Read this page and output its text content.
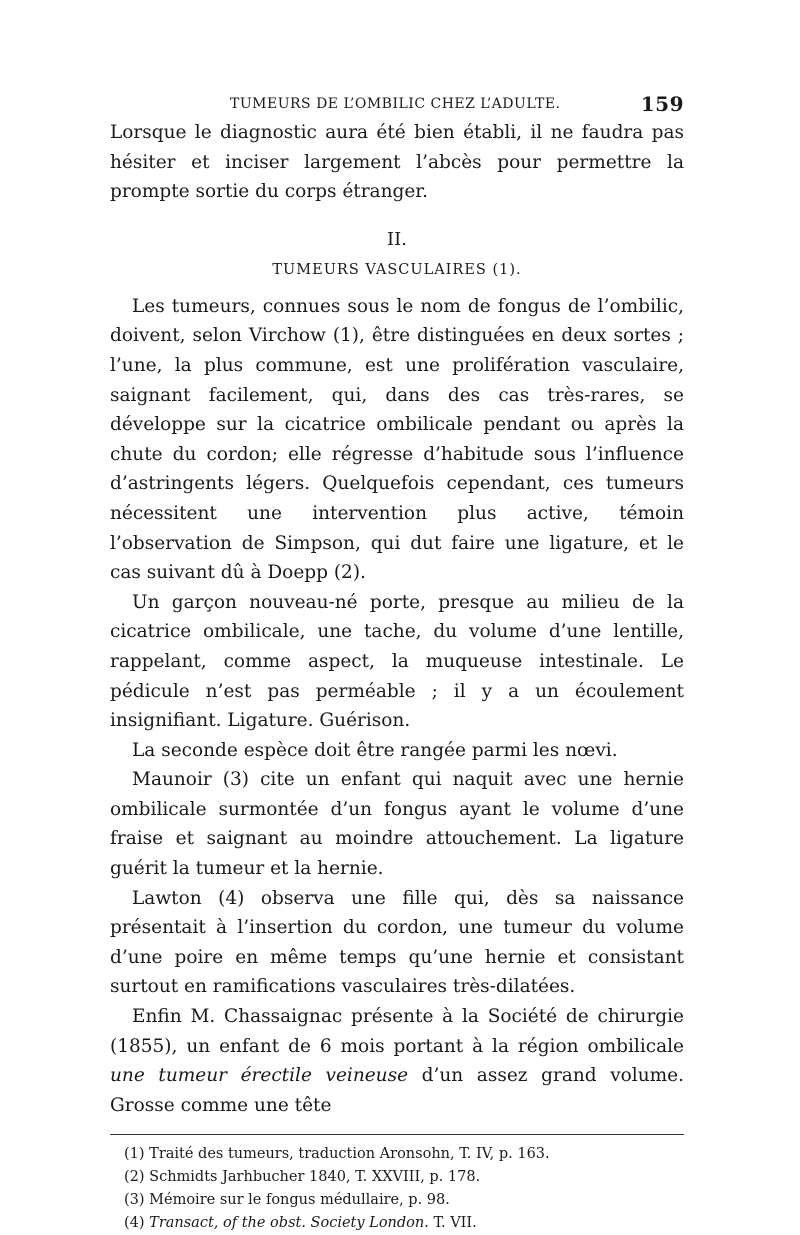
TUMEURS DE L’OMBILIC CHEZ L’ADULTE.	159

Lorsque le diagnostic aura été bien établi, il ne faudra pas hésiter et inciser largement l’abcès pour permettre la prompte sortie du corps étranger.

II.
TUMEURS VASCULAIRES (1).

Les tumeurs, connues sous le nom de fongus de l’ombilic, doivent, selon Virchow (1), être distinguées en deux sortes ; l’une, la plus commune, est une prolifération vasculaire, saignant facilement, qui, dans des cas très-rares, se développe sur la cicatrice ombilicale pendant ou après la chute du cordon; elle régresse d’habitude sous l’influence d’astringents légers. Quelquefois cependant, ces tumeurs nécessitent une intervention plus active, témoin l’observation de Simpson, qui dut faire une ligature, et le cas suivant dû à Doepp (2).

Un garçon nouveau-né porte, presque au milieu de la cicatrice ombilicale, une tache, du volume d’une lentille, rappelant, comme aspect, la muqueuse intestinale. Le pédicule n’est pas perméable ; il y a un écoulement insignifiant. Ligature. Guérison.

La seconde espèce doit être rangée parmi les nœvi.

Maunoir (3) cite un enfant qui naquit avec une hernie ombilicale surmontée d’un fongus ayant le volume d’une fraise et saignant au moindre attouchement. La ligature guérit la tumeur et la hernie.

Lawton (4) observa une fille qui, dès sa naissance présentait à l’insertion du cordon, une tumeur du volume d’une poire en même temps qu’une hernie et consistant surtout en ramifications vasculaires très-dilatées.

Enfin M. Chassaignac présente à la Société de chirurgie (1855), un enfant de 6 mois portant à la région ombilicale une tumeur érectile veineuse d’un assez grand volume. Grosse comme une tête

(1) Traité des tumeurs, traduction Aronsohn, T. IV, p. 163.

(2) Schmidts Jarhbucher 1840, T. XXVIII, p. 178.

(3) Mémoire sur le fongus médullaire, p. 98.

(4) Transact, of the obst. Society London. T. VII.
